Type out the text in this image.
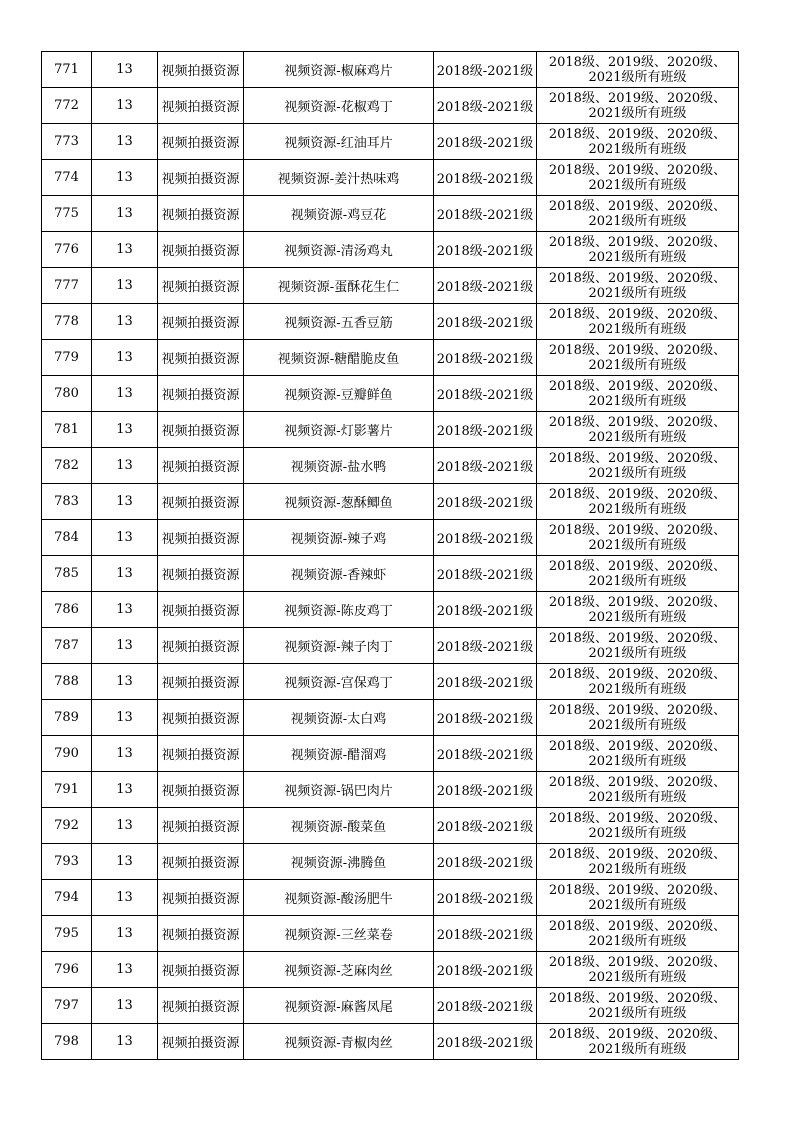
771	13	视频拍摄资源	视频资源-椒麻鸡片	2018级-2021级	2018级、2019级、2020级、
2021级所有班级

772	13	视频拍摄资源	视频资源-花椒鸡丁	2018级-2021级	2018级、2019级、2020级、
2021级所有班级

773	13	视频拍摄资源	视频资源-红油耳片	2018级-2021级	2018级、2019级、2020级、
2021级所有班级

774	13	视频拍摄资源	视频资源-姜汁热味鸡	2018级-2021级	2018级、2019级、2020级、
2021级所有班级

775	13	视频拍摄资源	视频资源-鸡豆花	2018级-2021级	2018级、2019级、2020级、
2021级所有班级

776	13	视频拍摄资源	视频资源-清汤鸡丸	2018级-2021级	2018级、2019级、2020级、
2021级所有班级

777	13	视频拍摄资源	视频资源-蛋酥花生仁	2018级-2021级	2018级、2019级、2020级、
2021级所有班级

778	13	视频拍摄资源	视频资源-五香豆筋	2018级-2021级	2018级、2019级、2020级、
2021级所有班级

779	13	视频拍摄资源	视频资源-糖醋脆皮鱼	2018级-2021级	2018级、2019级、2020级、
2021级所有班级

780	13	视频拍摄资源	视频资源-豆瓣鲜鱼	2018级-2021级	2018级、2019级、2020级、
2021级所有班级

781	13	视频拍摄资源	视频资源-灯影薯片	2018级-2021级	2018级、2019级、2020级、
2021级所有班级

782	13	视频拍摄资源	视频资源-盐水鸭	2018级-2021级	2018级、2019级、2020级、
2021级所有班级

783	13	视频拍摄资源	视频资源-葱酥鲫鱼	2018级-2021级	2018级、2019级、2020级、
2021级所有班级

784	13	视频拍摄资源	视频资源-辣子鸡	2018级-2021级	2018级、2019级、2020级、
2021级所有班级

785	13	视频拍摄资源	视频资源-香辣虾	2018级-2021级	2018级、2019级、2020级、
2021级所有班级

786	13	视频拍摄资源	视频资源-陈皮鸡丁	2018级-2021级	2018级、2019级、2020级、
2021级所有班级

787	13	视频拍摄资源	视频资源-辣子肉丁	2018级-2021级	2018级、2019级、2020级、
2021级所有班级

788	13	视频拍摄资源	视频资源-宫保鸡丁	2018级-2021级	2018级、2019级、2020级、
2021级所有班级

789	13	视频拍摄资源	视频资源-太白鸡	2018级-2021级	2018级、2019级、2020级、
2021级所有班级

790	13	视频拍摄资源	视频资源-醋溜鸡	2018级-2021级	2018级、2019级、2020级、
2021级所有班级

791	13	视频拍摄资源	视频资源-锅巴肉片	2018级-2021级	2018级、2019级、2020级、
2021级所有班级

792	13	视频拍摄资源	视频资源-酸菜鱼	2018级-2021级	2018级、2019级、2020级、
2021级所有班级

793	13	视频拍摄资源	视频资源-沸腾鱼	2018级-2021级	2018级、2019级、2020级、
2021级所有班级

794	13	视频拍摄资源	视频资源-酸汤肥牛	2018级-2021级	2018级、2019级、2020级、
2021级所有班级

795	13	视频拍摄资源	视频资源-三丝菜卷	2018级-2021级	2018级、2019级、2020级、
2021级所有班级

796	13	视频拍摄资源	视频资源-芝麻肉丝	2018级-2021级	2018级、2019级、2020级、
2021级所有班级

797	13	视频拍摄资源	视频资源-麻酱凤尾	2018级-2021级	2018级、2019级、2020级、
2021级所有班级

798	13	视频拍摄资源	视频资源-青椒肉丝	2018级-2021级	2018级、2019级、2020级、
2021级所有班级
